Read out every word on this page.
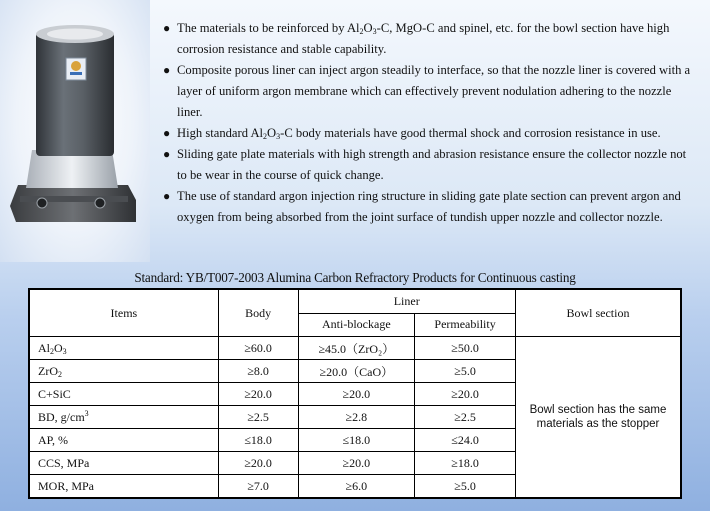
● The materials to be reinforced by $Al_2O_3-C$, MgO-C and spinel, etc. for the bowl section have high corrosion resistance and stable capability.
● Composite porous liner can inject argon steadily to interface, so that the nozzle liner is covered with a layer of uniform argon membrane which can effectively prevent nodulation adhering to the nozzle liner.
● High standard $Al_2O_3-C$ body materials have good thermal shock and corrosion resistance in use.
● Sliding gate plate materials with high strength and abrasion resistance ensure the collector nozzle not to be wear in the course of quick change.
● The use of standard argon injection ring structure in sliding gate plate section can prevent argon and oxygen from being absorbed from the joint surface of tundish upper nozzle and collector nozzle.
Standard: YB/T007-2003 Alumina Carbon Refractory Products for Continuous casting
Items	Body	Liner		Bowl section
		Anti-blockage	Permeability	
$Al_2O_3$	≥60.0	≥45.0（ZrO₂）	≥50.0	Bowl section has the same materials as the stopper
ZrO$_2$	≥8.0	≥20.0（CaO）	≥5.0	
C+SiC	≥20.0	≥20.0	≥20.0	
BD, $g/cm^3$	≥2.5	≥2.8	≥2.5	
AP, %	≤18.0	≤18.0	≤24.0	
CCS, MPa	≥20.0	≥20.0	≥18.0	
MOR, MPa	≥7.0	≥6.0	≥5.0	
